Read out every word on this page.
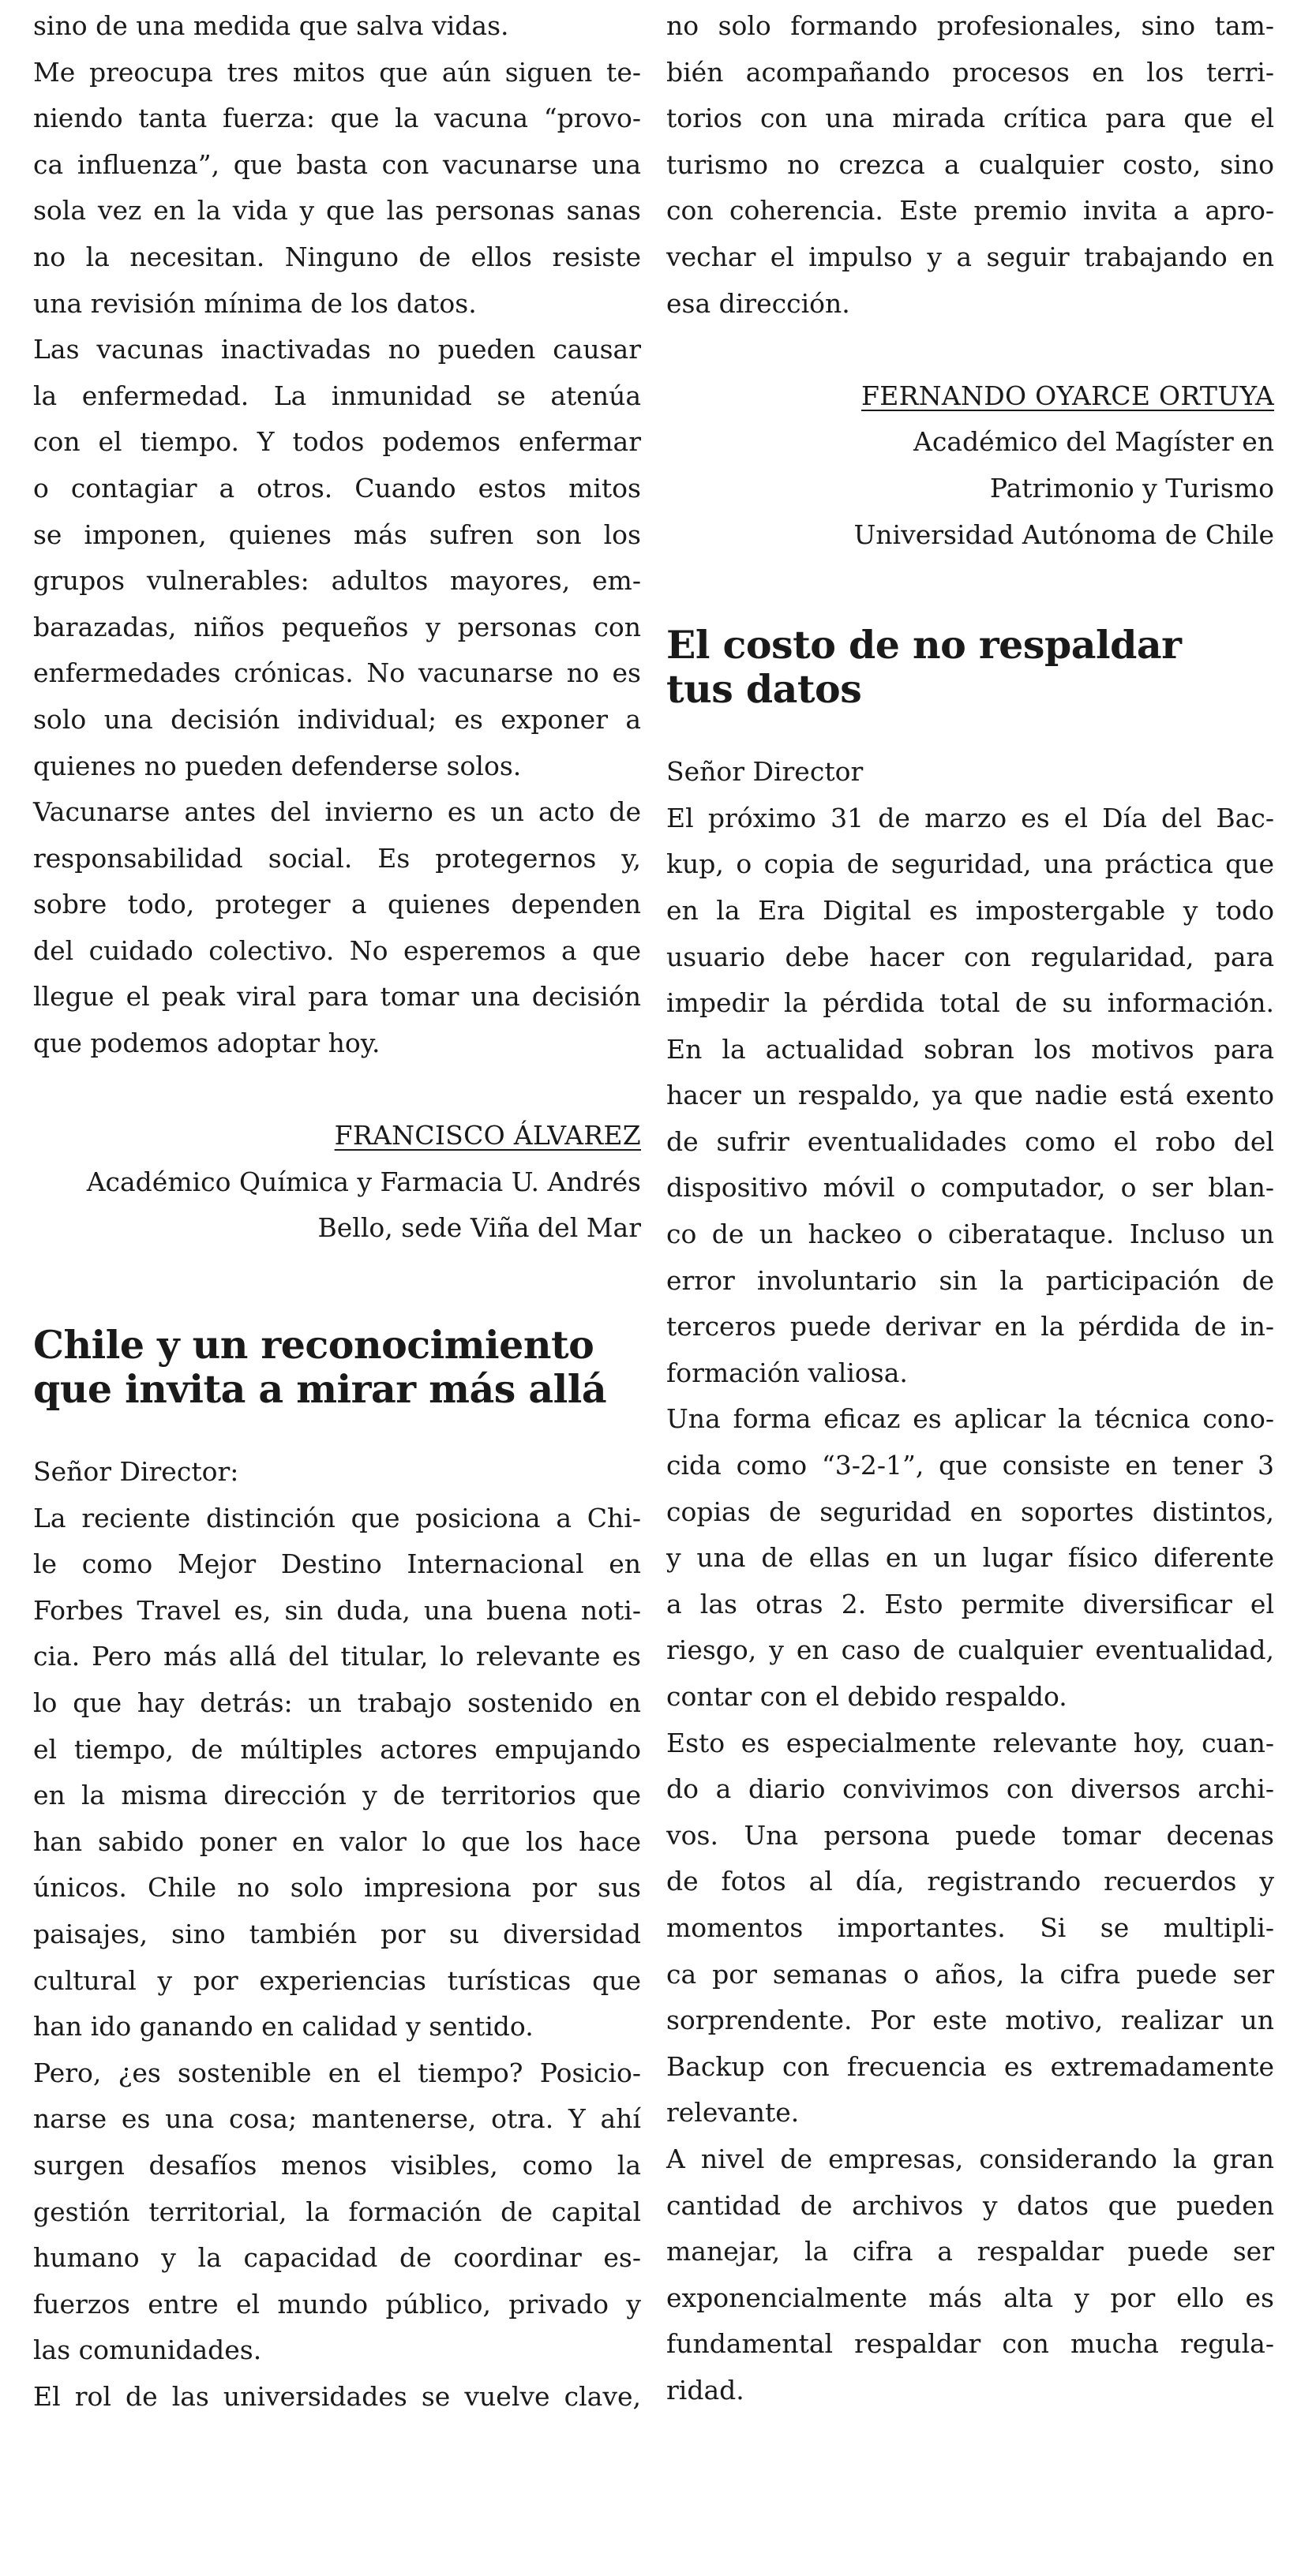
sino de una medida que salva vidas.
Me preocupa tres mitos que aún siguen te-
niendo tanta fuerza: que la vacuna “provo-
ca influenza”, que basta con vacunarse una
sola vez en la vida y que las personas sanas
no la necesitan. Ninguno de ellos resiste
una revisión mínima de los datos.
Las vacunas inactivadas no pueden causar
la enfermedad. La inmunidad se atenúa
con el tiempo. Y todos podemos enfermar
o contagiar a otros. Cuando estos mitos
se imponen, quienes más sufren son los
grupos vulnerables: adultos mayores, em-
barazadas, niños pequeños y personas con
enfermedades crónicas. No vacunarse no es
solo una decisión individual; es exponer a
quienes no pueden defenderse solos.
Vacunarse antes del invierno es un acto de
responsabilidad social. Es protegernos y,
sobre todo, proteger a quienes dependen
del cuidado colectivo. No esperemos a que
llegue el peak viral para tomar una decisión
que podemos adoptar hoy.
FRANCISCO ÁLVAREZ
Académico Química y Farmacia U. Andrés
Bello, sede Viña del Mar
Chile y un reconocimiento
que invita a mirar más allá
Señor Director:
La reciente distinción que posiciona a Chi-
le como Mejor Destino Internacional en
Forbes Travel es, sin duda, una buena noti-
cia. Pero más allá del titular, lo relevante es
lo que hay detrás: un trabajo sostenido en
el tiempo, de múltiples actores empujando
en la misma dirección y de territorios que
han sabido poner en valor lo que los hace
únicos. Chile no solo impresiona por sus
paisajes, sino también por su diversidad
cultural y por experiencias turísticas que
han ido ganando en calidad y sentido.
Pero, ¿es sostenible en el tiempo? Posicio-
narse es una cosa; mantenerse, otra. Y ahí
surgen desafíos menos visibles, como la
gestión territorial, la formación de capital
humano y la capacidad de coordinar es-
fuerzos entre el mundo público, privado y
las comunidades.
El rol de las universidades se vuelve clave,
no solo formando profesionales, sino tam-
bién acompañando procesos en los terri-
torios con una mirada crítica para que el
turismo no crezca a cualquier costo, sino
con coherencia. Este premio invita a apro-
vechar el impulso y a seguir trabajando en
esa dirección.
FERNANDO OYARCE ORTUYA
Académico del Magíster en
Patrimonio y Turismo
Universidad Autónoma de Chile
El costo de no respaldar
tus datos
Señor Director
El próximo 31 de marzo es el Día del Bac-
kup, o copia de seguridad, una práctica que
en la Era Digital es impostergable y todo
usuario debe hacer con regularidad, para
impedir la pérdida total de su información.
En la actualidad sobran los motivos para
hacer un respaldo, ya que nadie está exento
de sufrir eventualidades como el robo del
dispositivo móvil o computador, o ser blan-
co de un hackeo o ciberataque. Incluso un
error involuntario sin la participación de
terceros puede derivar en la pérdida de in-
formación valiosa.
Una forma eficaz es aplicar la técnica cono-
cida como “3-2-1”, que consiste en tener 3
copias de seguridad en soportes distintos,
y una de ellas en un lugar físico diferente
a las otras 2. Esto permite diversificar el
riesgo, y en caso de cualquier eventualidad,
contar con el debido respaldo.
Esto es especialmente relevante hoy, cuan-
do a diario convivimos con diversos archi-
vos. Una persona puede tomar decenas
de fotos al día, registrando recuerdos y
momentos importantes. Si se multipli-
ca por semanas o años, la cifra puede ser
sorprendente. Por este motivo, realizar un
Backup con frecuencia es extremadamente
relevante.
A nivel de empresas, considerando la gran
cantidad de archivos y datos que pueden
manejar, la cifra a respaldar puede ser
exponencialmente más alta y por ello es
fundamental respaldar con mucha regula-
ridad.
